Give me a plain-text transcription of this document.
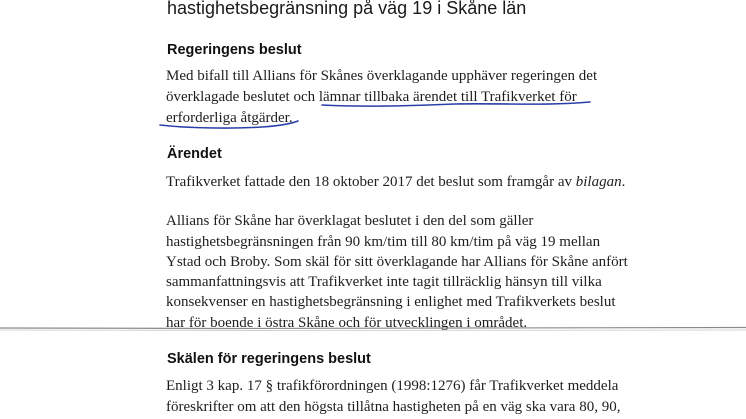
hastighetsbegränsning på väg 19 i Skåne län
Regeringens beslut
Med bifall till Allians för Skånes överklagande upphäver regeringen det
överklagade beslutet och lämnar tillbaka ärendet till Trafikverket för
erforderliga åtgärder.
Ärendet
Trafikverket fattade den 18 oktober 2017 det beslut som framgår av bilagan.
Allians för Skåne har överklagat beslutet i den del som gäller
hastighetsbegränsningen från 90 km/tim till 80 km/tim på väg 19 mellan
Ystad och Broby. Som skäl för sitt överklagande har Allians för Skåne anfört
sammanfattningsvis att Trafikverket inte tagit tillräcklig hänsyn till vilka
konsekvenser en hastighetsbegränsning i enlighet med Trafikverkets beslut
har för boende i östra Skåne och för utvecklingen i området.
Skälen för regeringens beslut
Enligt 3 kap. 17 § trafikförordningen (1998:1276) får Trafikverket meddela
föreskrifter om att den högsta tillåtna hastigheten på en väg ska vara 80, 90,
